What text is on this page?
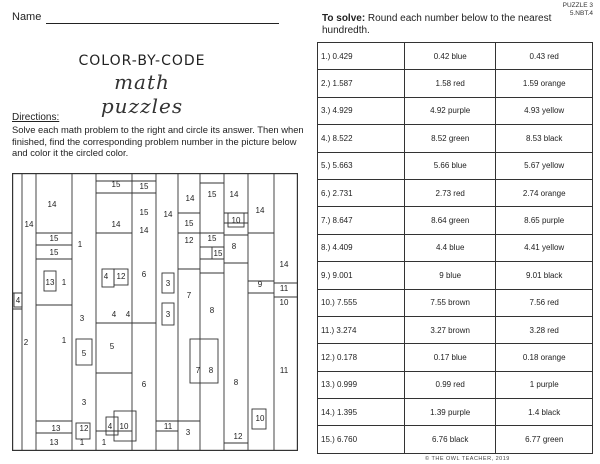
Name
PUZZLE 3
5.NBT.4
COLOR-BY-CODE
math puzzles
Directions:
Solve each math problem to the right and circle its answer. Then when finished, find the corresponding problem number in the picture below and color it the circled color.
To solve: Round each number below to the nearest hundredth.
1.) 0.429	0.42 blue	0.43 red
2.) 1.587	1.58 red	1.59 orange
3.) 4.929	4.92 purple	4.93 yellow
4.) 8.522	8.52 green	8.53 black
5.) 5.663	5.66 blue	5.67 yellow
6.) 2.731	2.73 red	2.74 orange
7.) 8.647	8.64 green	8.65 purple
8.) 4.409	4.4 blue	4.41 yellow
9.) 9.001	9 blue	9.01 black
10.) 7.555	7.55 brown	7.56 red
11.) 3.274	3.27 brown	3.28 red
12.) 0.178	0.17 blue	0.18 orange
13.) 0.999	0.99 red	1 purple
14.) 1.395	1.39 purple	1.4 black
15.) 6.760	6.76 black	6.77 green
14
14
15
15
1
1
13
4
2
3
5
14
15
15 14
4 12
1
4 4
14
5
6
15
14
3
3
6
11
15
15
14
12
7
8
7 8
10
15
8
15
14
9 11
10
14
11
13 12 4 10
10
3
1
13	1
3
8
12
© THE OWL TEACHER, 2019
